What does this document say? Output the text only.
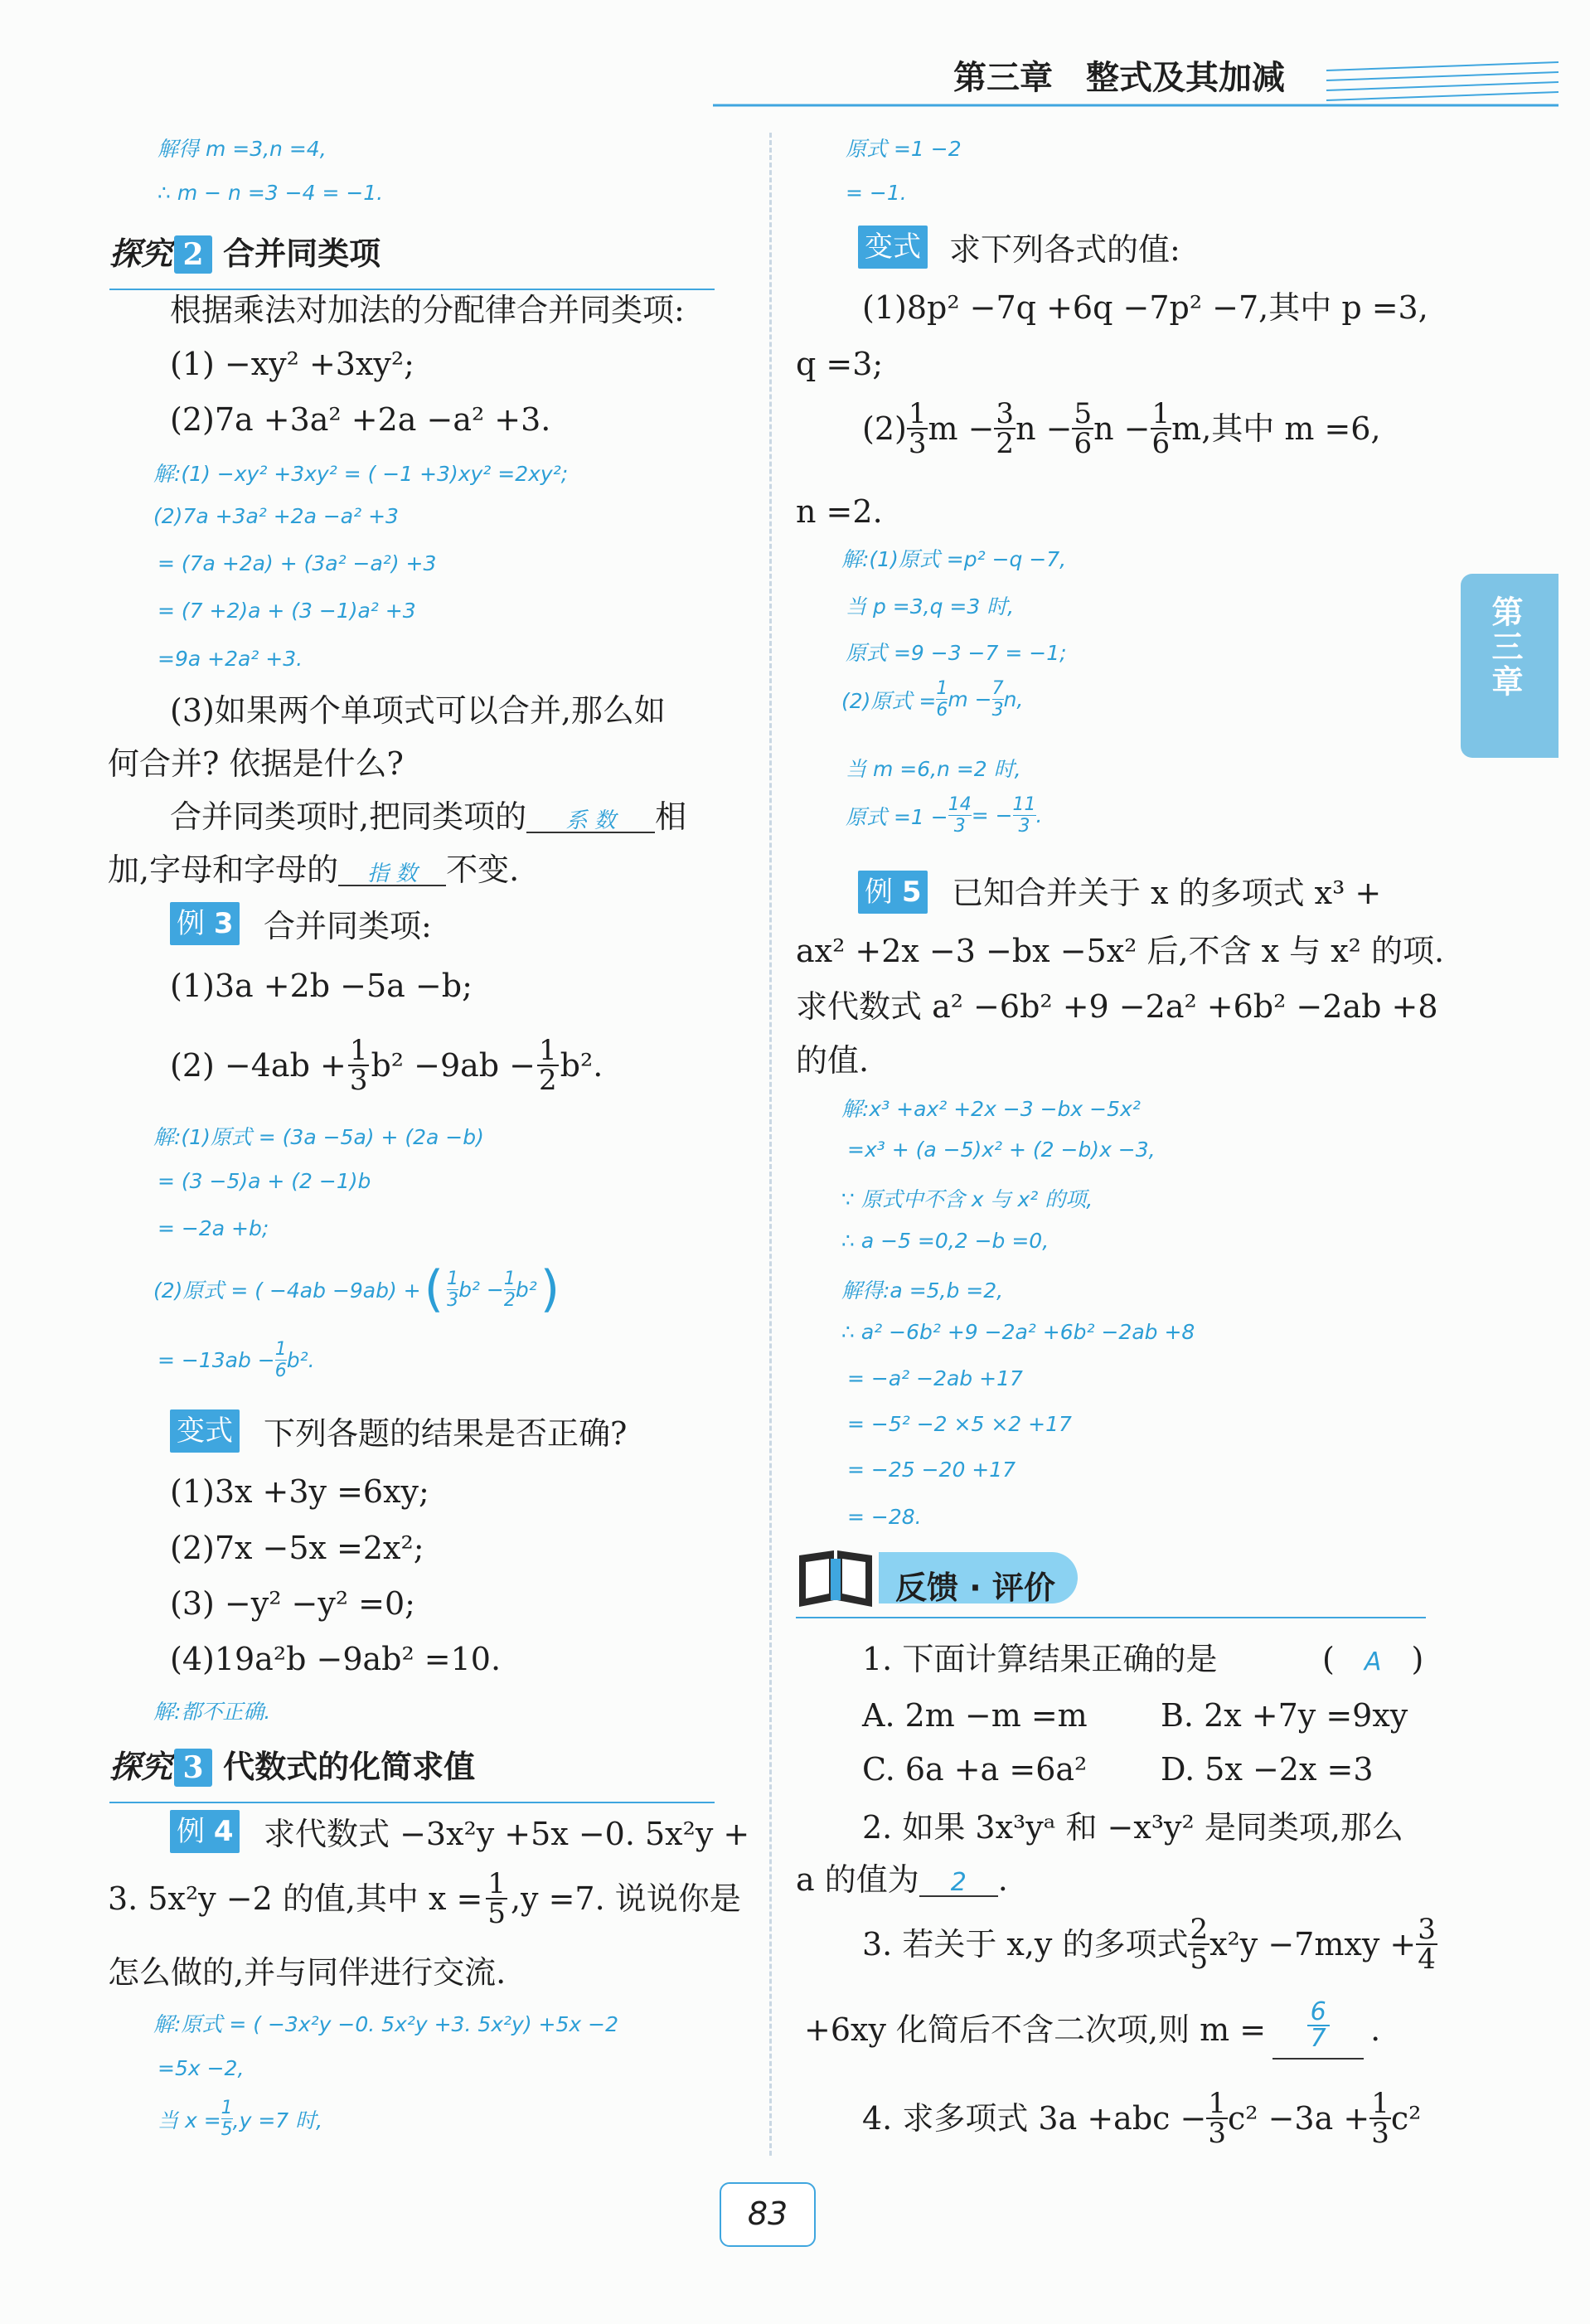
第三章 整式及其加减
第三章
解得 m =3,n =4,
∴ m − n =3 −4 = −1.
探究 2 合并同类项
根据乘法对加法的分配律合并同类项:
(1) −xy² +3xy²;
(2)7a +3a² +2a −a² +3.
解:(1) −xy² +3xy² = ( −1 +3)xy² =2xy²;
(2)7a +3a² +2a −a² +3
= (7a +2a) + (3a² −a²) +3
= (7 +2)a + (3 −1)a² +3
=9a +2a² +3.
(3)如果两个单项式可以合并,那么如
何合并? 依据是什么?
合并同类项时,把同类项的 系 数 相
加,字母和字母的 指 数 不变.
例 3 合并同类项:
(1)3a +2b −5a −b;
$(2) -4ab + \frac{1}{3} b^2 -9ab - \frac{1}{2} b^2$.
解:(1)原式 = (3a −5a) + (2a −b)
= (3 −5)a + (2 −1)b
= −2a +b;
(2)原式 = ( −4ab −9ab) + ( $\frac{1}{3} b^2 - \frac{1}{2} b^2$ )
= $-13ab - \frac{1}{6} b^2$.
变式 下列各题的结果是否正确?
(1)3x +3y =6xy;
(2)7x −5x =2x²;
(3) −y² −y² =0;
(4)19a²b −9ab² =10.
解:都不正确.
探究 3 代数式的化简求值
例 4 求代数式 −3x²y +5x −0. 5x²y +
3. 5x²y −2 的值,其中 $x = \frac{1}{5} ,y =7$. 说说你是
怎么做的,并与同伴进行交流.
解:原式 = ( −3x²y −0. 5x²y +3. 5x²y) +5x −2
=5x −2,
当 $x = \frac{1}{5} ,y =7$ 时,
原式 =1 −2
= −1.
变式 求下列各式的值:
(1)8p² −7q +6q −7p² −7,其中 p =3,
q =3;
$(2) \frac{1}{3}$ $m - \frac{3}{2}$ $n - \frac{5}{6}$ $n - \frac{1}{6} m$,其中 m =6,
n =2.
解:(1)原式 =p² −q −7,
当 p =3,q =3 时,
原式 =9 −3 −7 = −1;
(2)原式 = $\frac{1}{6}$ $m - \frac{7}{3} n$,
当 m =6,n =2 时,
原式 $=1 - \frac{14}{3}$ = − $\frac{11}{3}$ .
例 5 已知合并关于 x 的多项式 x³ +
ax² +2x −3 −bx −5x² 后,不含 x 与 x² 的项.
求代数式 a² −6b² +9 −2a² +6b² −2ab +8
的值.
解:x³ +ax² +2x −3 −bx −5x²
=x³ + (a −5)x² + (2 −b)x −3,
∵ 原式中不含 x 与 x² 的项,
∴ a −5 =0,2 −b =0,
解得:a =5,b =2,
∴ a² −6b² +9 −2a² +6b² −2ab +8
= −a² −2ab +17
= −5² −2 ×5 ×2 +17
= −25 −20 +17
= −28.
反馈 · 评价
1. 下面计算结果正确的是	( A )
A. 2m −m =m B. 2x +7y =9xy
C. 6a +a =6a² D. 5x −2x =3
2. 如果 3x³yᵃ 和 −x³y² 是同类项,那么
a 的值为 2 .
3. 若关于 x,y 的多项式 $\frac{2}{5} x^2y -7mxy + \frac{3}{4}$
+6xy 化简后不含二次项,则 $m = \frac{6}{7}$ .
4. 求多项式 $3a +abc - \frac{1}{3} c^2 -3a + \frac{1}{3} c^2$
83
